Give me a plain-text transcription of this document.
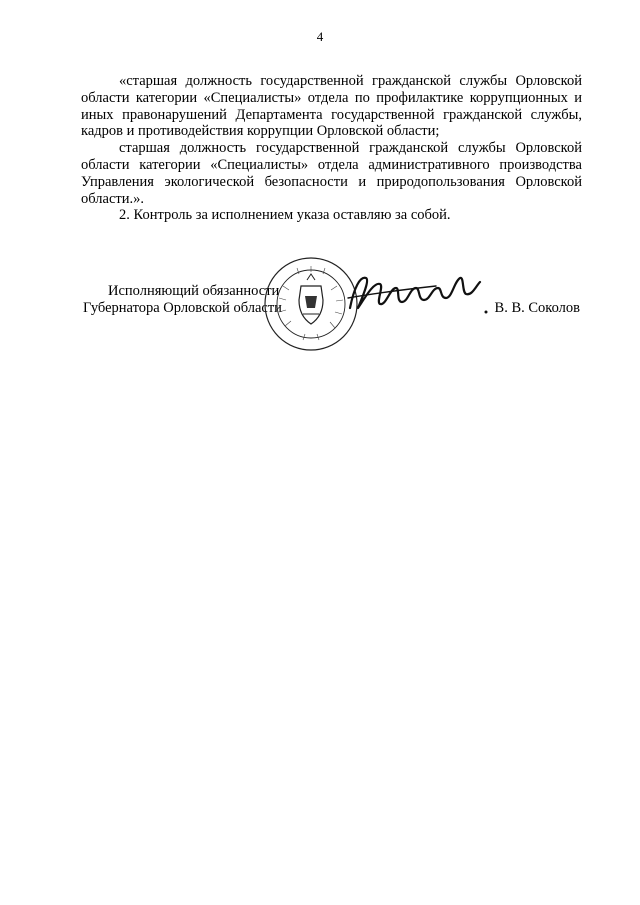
4

«старшая должность государственной гражданской службы Орловской области категории «Специалисты» отдела по профилактике коррупционных и иных правонарушений Департамента государственной гражданской службы, кадров и противодействия коррупции Орловской области;

старшая должность государственной гражданской службы Орловской области категории «Специалисты» отдела административного производства Управления экологической безопасности и природопользования Орловской области.».

2. Контроль за исполнением указа оставляю за собой.

Исполняющий обязанности
Губернатора Орловской области	В. В. Соколов
